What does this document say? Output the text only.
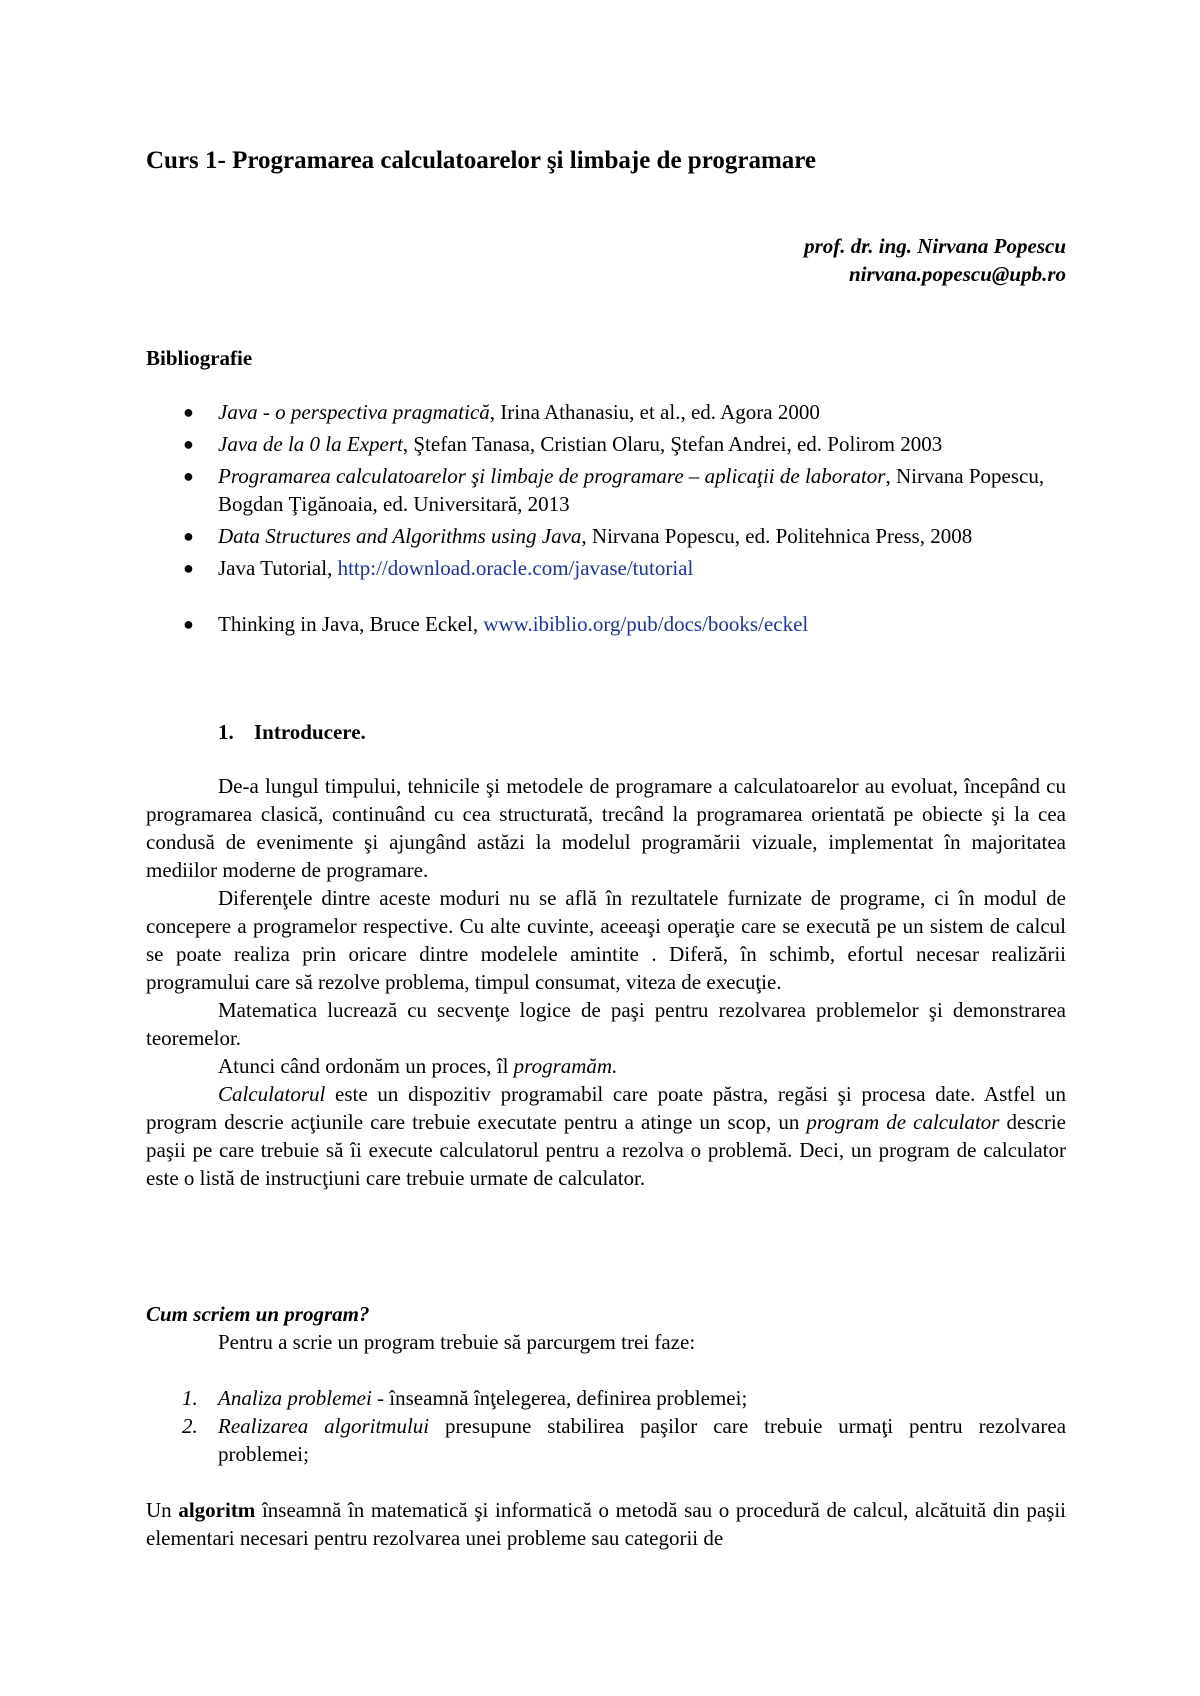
Curs 1- Programarea calculatoarelor şi limbaje de programare
prof. dr. ing. Nirvana Popescu
nirvana.popescu@upb.ro
Bibliografie
● Java - o perspectiva pragmatică, Irina Athanasiu, et al., ed. Agora 2000
● Java de la 0 la Expert, Ştefan Tanasa, Cristian Olaru, Ştefan Andrei, ed. Polirom 2003
● Programarea calculatoarelor şi limbaje de programare – aplicaţii de laborator, Nirvana Popescu, Bogdan Ţigănoaia, ed. Universitară, 2013
● Data Structures and Algorithms using Java, Nirvana Popescu, ed. Politehnica Press, 2008
● Java Tutorial, http://download.oracle.com/javase/tutorial
● Thinking in Java, Bruce Eckel, www.ibiblio.org/pub/docs/books/eckel
1. Introducere.

De-a lungul timpului, tehnicile şi metodele de programare a calculatoarelor au evoluat, începând cu programarea clasică, continuând cu cea structurată, trecând la programarea orientată pe obiecte şi la cea condusă de evenimente şi ajungând astăzi la modelul programării vizuale, implementat în majoritatea mediilor moderne de programare.

Diferenţele dintre aceste moduri nu se află în rezultatele furnizate de programe, ci în modul de concepere a programelor respective. Cu alte cuvinte, aceeaşi operaţie care se execută pe un sistem de calcul se poate realiza prin oricare dintre modelele amintite . Diferă, în schimb, efortul necesar realizării programului care să rezolve problema, timpul consumat, viteza de execuţie.

Matematica lucrează cu secvenţe logice de paşi pentru rezolvarea problemelor şi demonstrarea teoremelor.

Atunci când ordonăm un proces, îl programăm.

Calculatorul este un dispozitiv programabil care poate păstra, regăsi şi procesa date. Astfel un program descrie acţiunile care trebuie executate pentru a atinge un scop, un program de calculator descrie paşii pe care trebuie să îi execute calculatorul pentru a rezolva o problemă. Deci, un program de calculator este o listă de instrucţiuni care trebuie urmate de calculator.

Cum scriem un program?
Pentru a scrie un program trebuie să parcurgem trei faze:
1. Analiza problemei - înseamnă înţelegerea, definirea problemei;
2. Realizarea algoritmului presupune stabilirea paşilor care trebuie urmaţi pentru rezolvarea problemei;
Un algoritm înseamnă în matematică şi informatică o metodă sau o procedură de calcul, alcătuită din paşii elementari necesari pentru rezolvarea unei probleme sau categorii de
